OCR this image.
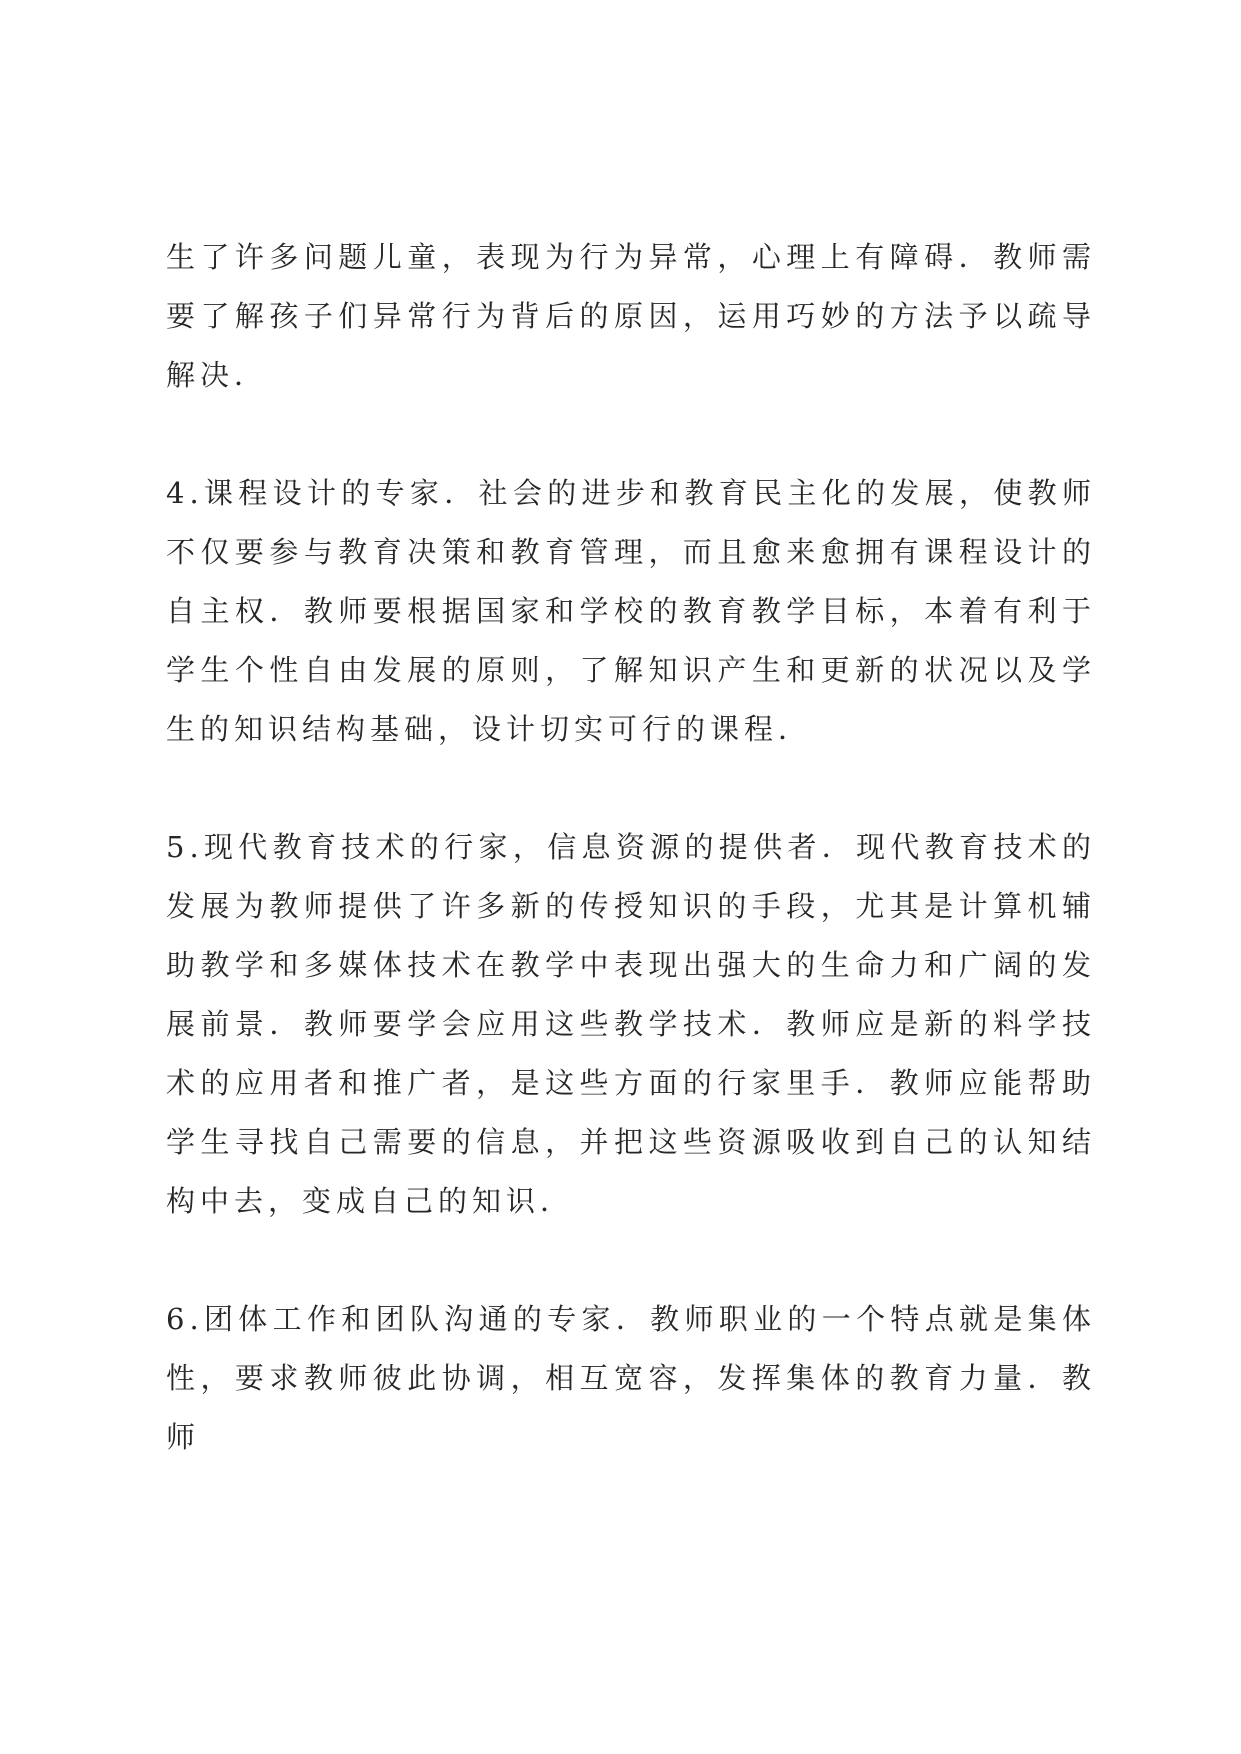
生了许多问题儿童，表现为行为异常，心理上有障碍．教师需要了解孩子们异常行为背后的原因，运用巧妙的方法予以疏导解决．

4.课程设计的专家．社会的进步和教育民主化的发展，使教师不仅要参与教育决策和教育管理，而且愈来愈拥有课程设计的自主权．教师要根据国家和学校的教育教学目标，本着有利于学生个性自由发展的原则，了解知识产生和更新的状况以及学生的知识结构基础，设计切实可行的课程．

5.现代教育技术的行家，信息资源的提供者．现代教育技术的发展为教师提供了许多新的传授知识的手段，尤其是计算机辅助教学和多媒体技术在教学中表现出强大的生命力和广阔的发展前景．教师要学会应用这些教学技术．教师应是新的料学技术的应用者和推广者，是这些方面的行家里手．教师应能帮助学生寻找自己需要的信息，并把这些资源吸收到自己的认知结构中去，变成自己的知识．

6.团体工作和团队沟通的专家．教师职业的一个特点就是集体性，要求教师彼此协调，相互宽容，发挥集体的教育力量．教师
